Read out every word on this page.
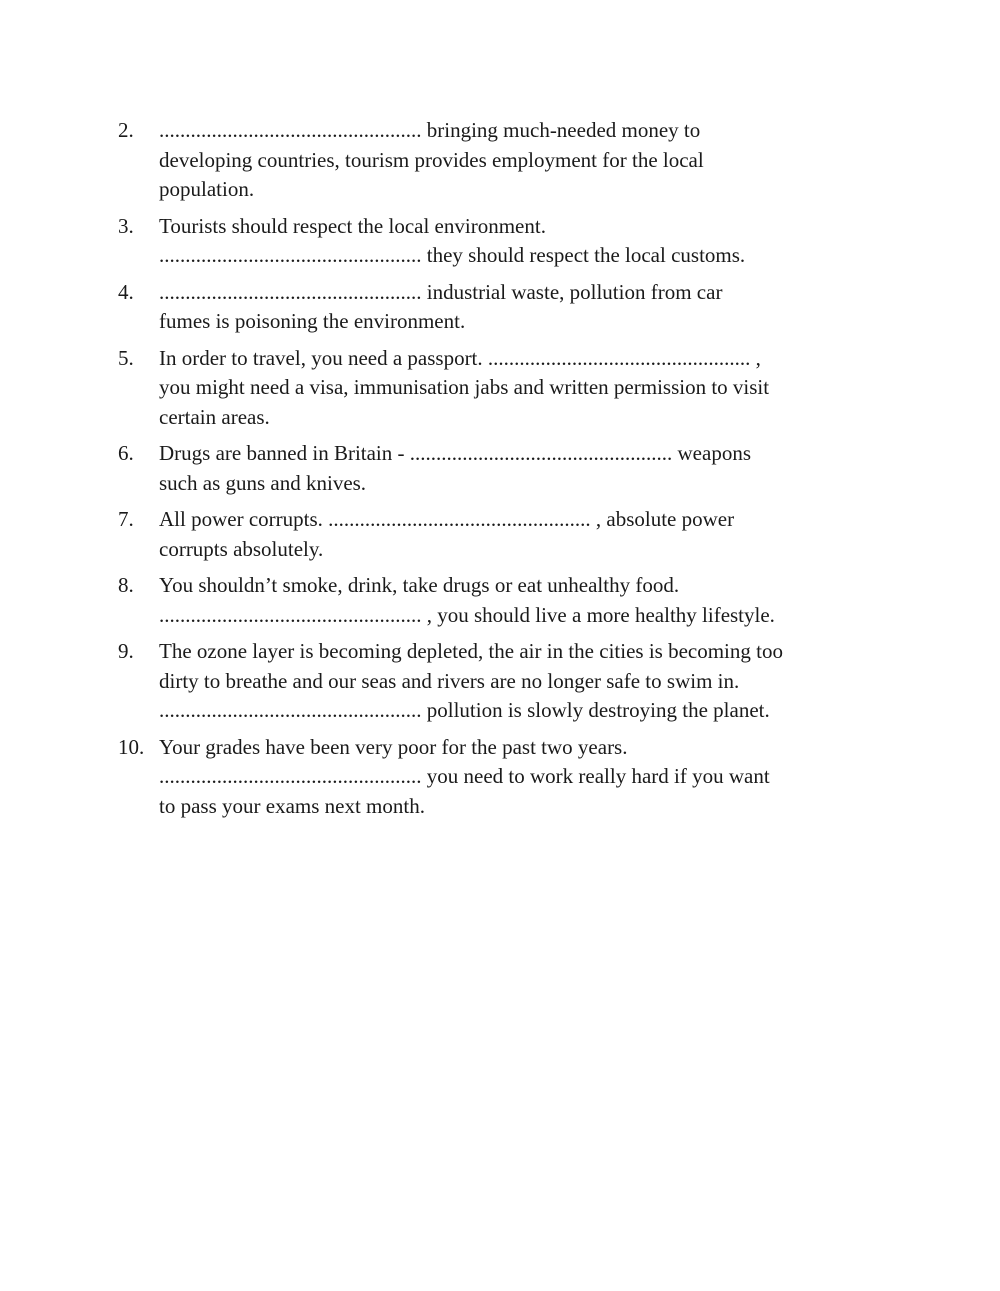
2.	.................................................. bringing much-needed money to
developing countries, tourism provides employment for the local
population.
3.	Tourists should respect the local environment.
.................................................. they should respect the local customs.
4.	.................................................. industrial waste, pollution from car
fumes is poisoning the environment.
5.	In order to travel, you need a passport. .................................................. ,
you might need a visa, immunisation jabs and written permission to visit
certain areas.
6.	Drugs are banned in Britain - .................................................. weapons
such as guns and knives.
7.	All power corrupts. .................................................. , absolute power
corrupts absolutely.
8.	You shouldn’t smoke, drink, take drugs or eat unhealthy food.
.................................................. , you should live a more healthy lifestyle.
9.	The ozone layer is becoming depleted, the air in the cities is becoming too
dirty to breathe and our seas and rivers are no longer safe to swim in.
.................................................. pollution is slowly destroying the planet.
10. Your grades have been very poor for the past two years.
.................................................. you need to work really hard if you want
to pass your exams next month.
